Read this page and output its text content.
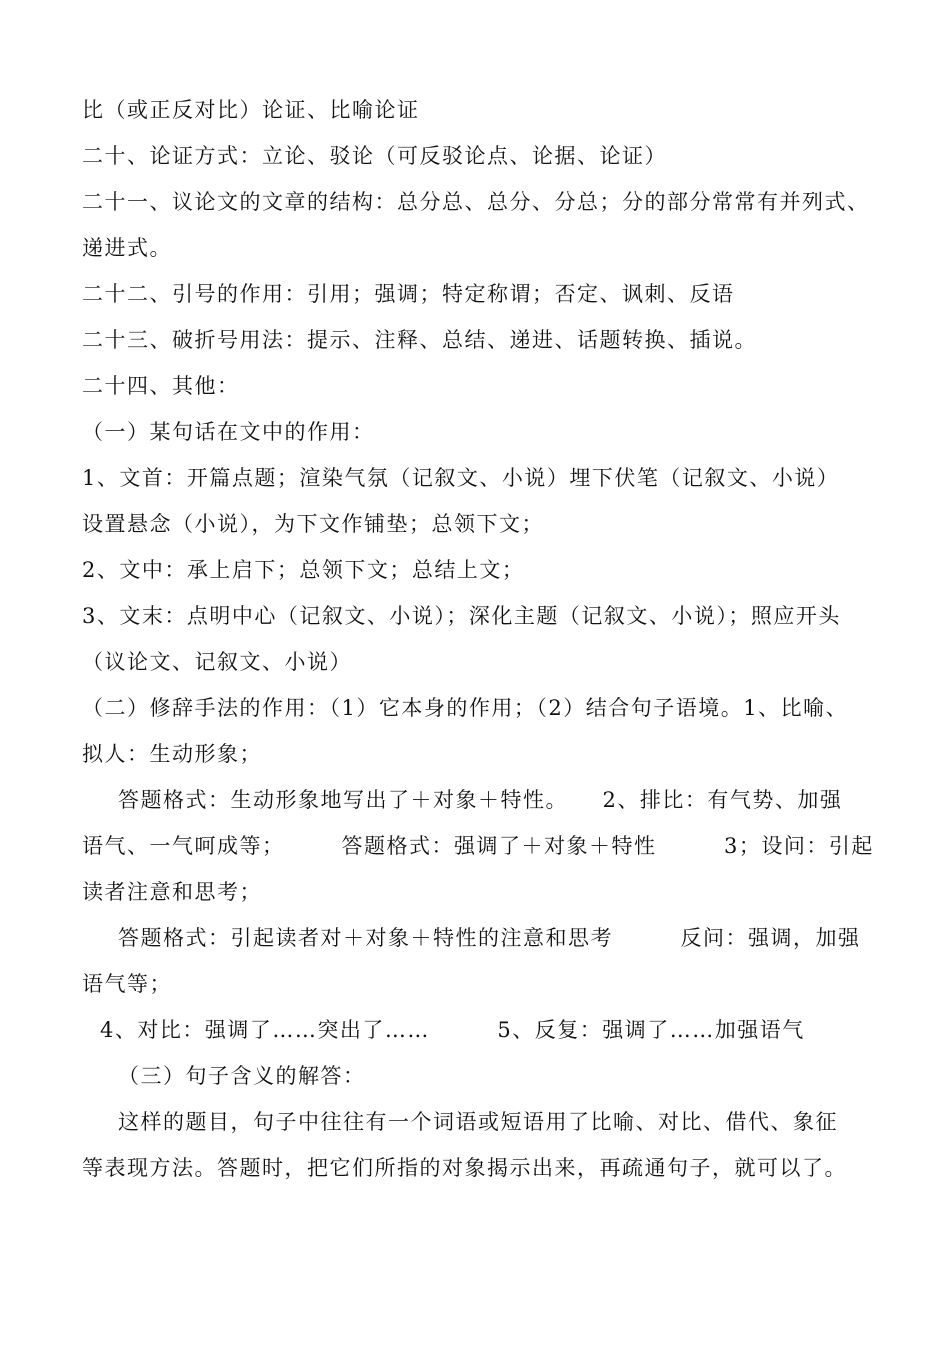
比（或正反对比）论证、比喻论证
二十、论证方式：立论、驳论（可反驳论点、论据、论证）
二十一、议论文的文章的结构：总分总、总分、分总；分的部分常常有并列式、
递进式。
二十二、引号的作用：引用；强调；特定称谓；否定、讽刺、反语
二十三、破折号用法：提示、注释、总结、递进、话题转换、插说。
二十四、其他：
（一）某句话在文中的作用：
1、文首：开篇点题；渲染气氛（记叙文、小说）埋下伏笔（记叙文、小说）
设置悬念（小说），为下文作铺垫；总领下文；
2、文中：承上启下；总领下文；总结上文；
3、文末：点明中心（记叙文、小说）；深化主题（记叙文、小说）；照应开头
（议论文、记叙文、小说）
（二）修辞手法的作用：（1）它本身的作用；（2）结合句子语境。1、比喻、
拟人：生动形象；
答题格式：生动形象地写出了＋对象＋特性。　　2、排比：有气势、加强
语气、一气呵成等；　　　答题格式：强调了＋对象＋特性　　　3；设问：引起
读者注意和思考；
答题格式：引起读者对＋对象＋特性的注意和思考　　　反问：强调，加强
语气等；
4、对比：强调了……突出了……　　　5、反复：强调了……加强语气
（三）句子含义的解答：
这样的题目，句子中往往有一个词语或短语用了比喻、对比、借代、象征
等表现方法。答题时，把它们所指的对象揭示出来，再疏通句子，就可以了。
